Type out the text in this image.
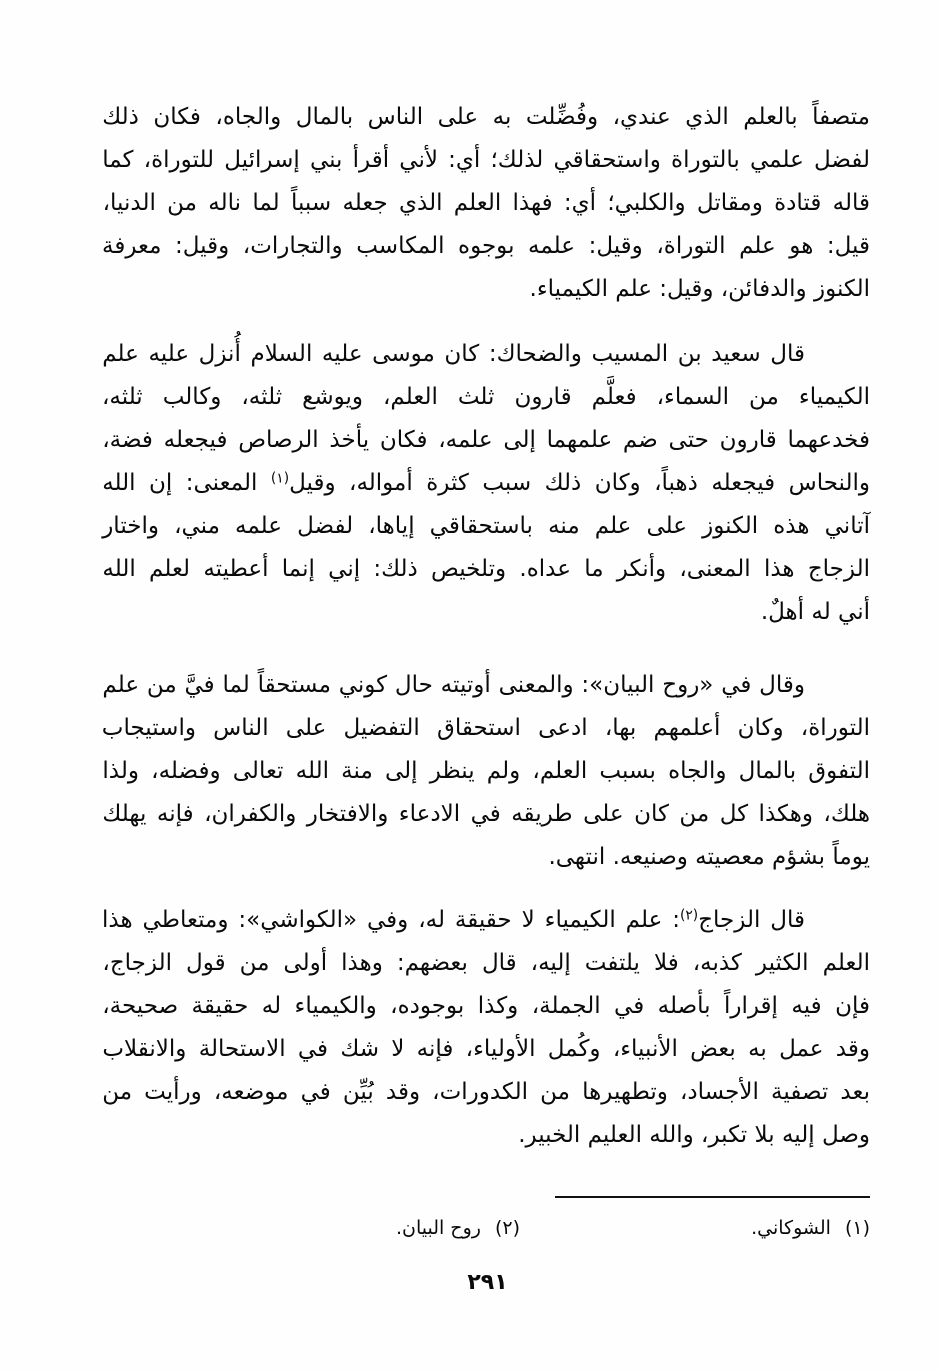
متصفاً بالعلم الذي عندي، وفُضِّلت به على الناس بالمال والجاه، فكان ذلك
لفضل علمي بالتوراة واستحقاقي لذلك؛ أي: لأني أقرأ بني إسرائيل للتوراة، كما
قاله قتادة ومقاتل والكلبي؛ أي: فهذا العلم الذي جعله سبباً لما ناله من الدنيا،
قيل: هو علم التوراة، وقيل: علمه بوجوه المكاسب والتجارات، وقيل: معرفة
الكنوز والدفائن، وقيل: علم الكيمياء.
قال سعيد بن المسيب والضحاك: كان موسى عليه السلام أُنزل عليه علم
الكيمياء من السماء، فعلَّم قارون ثلث العلم، ويوشع ثلثه، وكالب ثلثه،
فخدعهما قارون حتى ضم علمهما إلى علمه، فكان يأخذ الرصاص فيجعله فضة،
والنحاس فيجعله ذهباً، وكان ذلك سبب كثرة أمواله، وقيل$^{(١)}$ المعنى: إن الله
آتاني هذه الكنوز على علم منه باستحقاقي إياها، لفضل علمه مني، واختار
الزجاج هذا المعنى، وأنكر ما عداه. وتلخيص ذلك: إني إنما أعطيته لعلم الله
أني له أهلٌ.
وقال في «روح البيان»: والمعنى أوتيته حال كوني مستحقاً لما فيَّ من علم
التوراة، وكان أعلمهم بها، ادعى استحقاق التفضيل على الناس واستيجاب
التفوق بالمال والجاه بسبب العلم، ولم ينظر إلى منة الله تعالى وفضله، ولذا
هلك، وهكذا كل من كان على طريقه في الادعاء والافتخار والكفران، فإنه يهلك
يوماً بشؤم معصيته وصنيعه. انتهى.
قال الزجاج$^{(٢)}$: علم الكيمياء لا حقيقة له، وفي «الكواشي»: ومتعاطي هذا
العلم الكثير كذبه، فلا يلتفت إليه، قال بعضهم: وهذا أولى من قول الزجاج،
فإن فيه إقراراً بأصله في الجملة، وكذا بوجوده، والكيمياء له حقيقة صحيحة،
وقد عمل به بعض الأنبياء، وكُمل الأولياء، فإنه لا شك في الاستحالة والانقلاب
بعد تصفية الأجساد، وتطهيرها من الكدورات، وقد بُيِّن في موضعه، ورأيت من
وصل إليه بلا تكبر، والله العليم الخبير.
(١)الشوكاني.
(٢)روح البيان.
٢٩١
